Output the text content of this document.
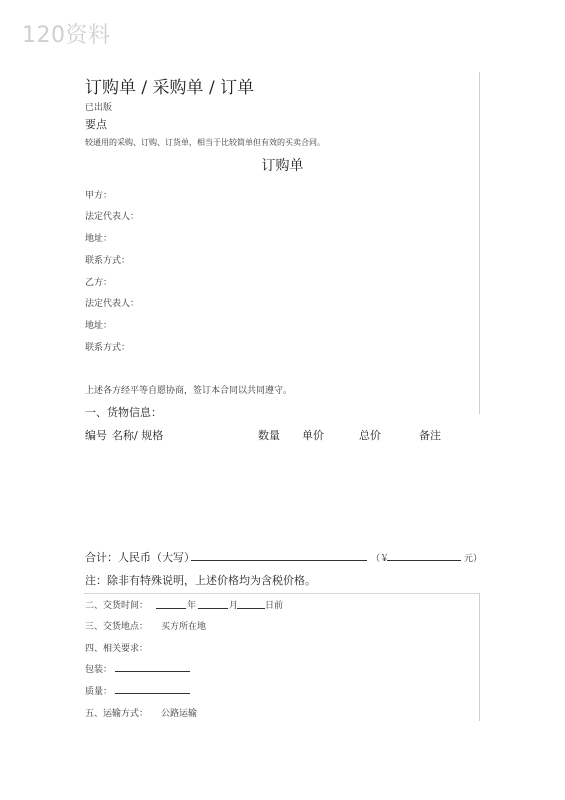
120资料
订购单 / 采购单 / 订单
已出版
要点
较通用的采购、订购、订货单，相当于比较简单但有效的买卖合同。
订购单
甲方：
法定代表人：
地址：
联系方式：
乙方：
法定代表人：
地址：
联系方式：
上述各方经平等自愿协商，签订本合同以共同遵守。
一、货物信息：
编号 名称/ 规格	数量 单价	总价	备注
合计：人民币（大写）	（￥	元）
注：除非有特殊说明，上述价格均为含税价格。
二、交货时间：	年	月	日前
三、交货地点： 买方所在地
四、相关要求：
包装：
质量：
五、运输方式： 公路运输
